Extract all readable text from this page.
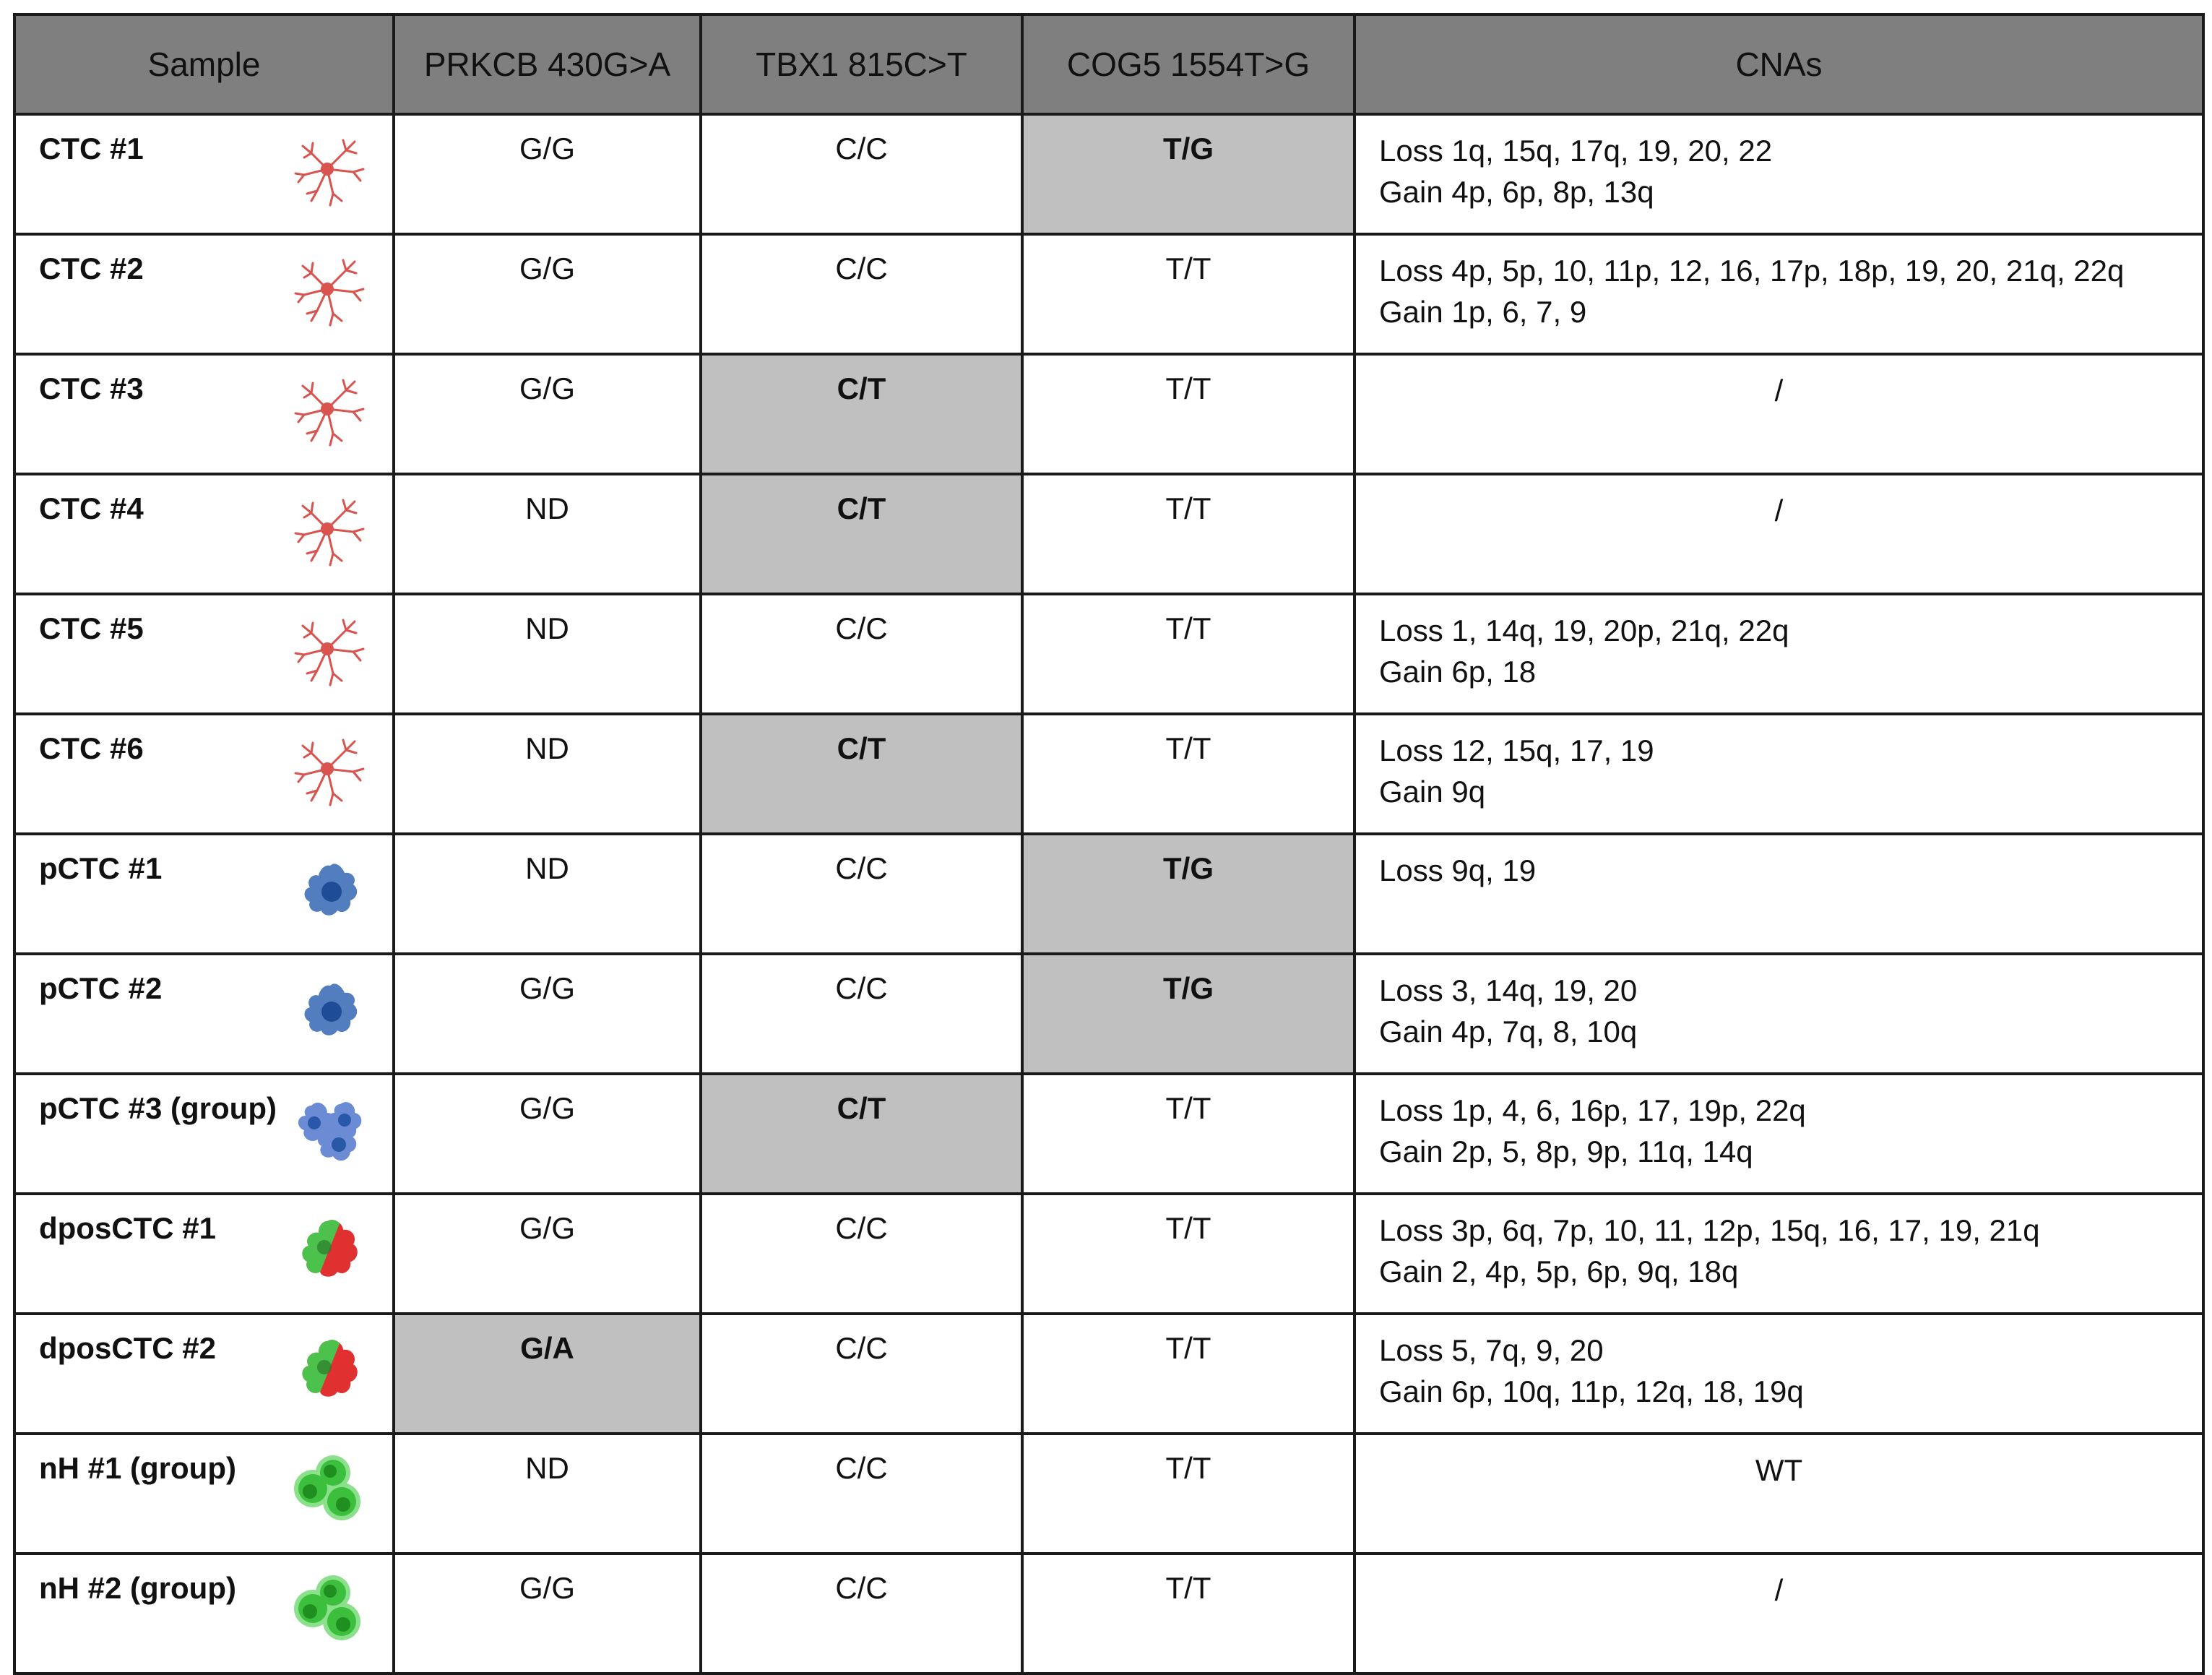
Sample	PRKCB 430G>A	TBX1 815C>T	COG5 1554T>G	CNAs

CTC #1	G/G	C/C	T/G	Loss 1q, 15q, 17q, 19, 20, 22
Gain 4p, 6p, 8p, 13q

CTC #2	G/G	C/C	T/T	Loss 4p, 5p, 10, 11p, 12, 16, 17p, 18p, 19, 20, 21q, 22q
Gain 1p, 6, 7, 9

CTC #3	G/G	C/T	T/T	/

CTC #4	ND	C/T	T/T	/

CTC #5	ND	C/C	T/T	Loss 1, 14q, 19, 20p, 21q, 22q
Gain 6p, 18

CTC #6	ND	C/T	T/T	Loss 12, 15q, 17, 19
Gain 9q

pCTC #1	ND	C/C	T/G	Loss 9q, 19

pCTC #2	G/G	C/C	T/G	Loss 3, 14q, 19, 20
Gain 4p, 7q, 8, 10q

pCTC #3 (group)	G/G	C/T	T/T	Loss 1p, 4, 6, 16p, 17, 19p, 22q
Gain 2p, 5, 8p, 9p, 11q, 14q

dposCTC #1	G/G	C/C	T/T	Loss 3p, 6q, 7p, 10, 11, 12p, 15q, 16, 17, 19, 21q
Gain 2, 4p, 5p, 6p, 9q, 18q

dposCTC #2	G/A	C/C	T/T	Loss 5, 7q, 9, 20
Gain 6p, 10q, 11p, 12q, 18, 19q

nH #1 (group)	ND	C/C	T/T	WT

nH #2 (group)	G/G	C/C	T/T	/
